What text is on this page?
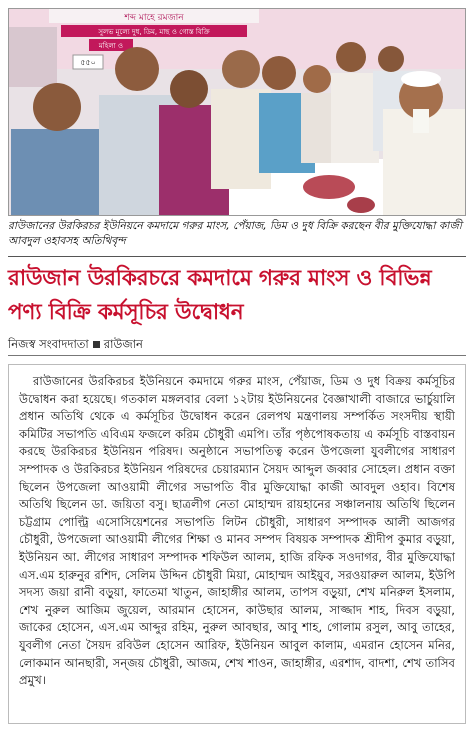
শব্দ মাহে রমজান
সুলভ মূল্যে দুধ, ডিম, মাছ ও গোস্ত বিক্রি
মহিলা ও
৫৫০
রাউজানের উরকিরচর ইউনিয়নে কমদামে গরুর মাংস, পেঁয়াজ, ডিম ও দুধ বিক্রি করছেন বীর মুক্তিযোদ্ধা কাজী আবদুল ওহাবসহ অতিথিবৃন্দ
রাউজান উরকিরচরে কমদামে গরুর মাংস ও বিভিন্ন পণ্য বিক্রি কর্মসূচির উদ্বোধন
নিজস্ব সংবাদদাতা রাউজান
রাউজানের উরকিরচর ইউনিয়নে কমদামে গরুর মাংস, পেঁয়াজ, ডিম ও দুধ বিক্রয় কর্মসূচির উদ্বোধন করা হয়েছে। গতকাল মঙ্গলবার বেলা ১২টায় ইউনিয়নের বৈজ্ঞাখালী বাজারে ভার্চুয়ালি প্রধান অতিথি থেকে এ কর্মসূচির উদ্বোধন করেন রেলপথ মন্ত্রণালয় সম্পর্কিত সংসদীয় স্থায়ী কমিটির সভাপতি এবিএম ফজলে করিম চৌধুরী এমপি। তাঁর পৃষ্ঠপোষকতায় এ কর্মসূচি বাস্তবায়ন করছে উরকিরচর ইউনিয়ন পরিষদ। অনুষ্ঠানে সভাপতিত্ব করেন উপজেলা যুবলীগের সাধারণ সম্পাদক ও উরকিরচর ইউনিয়ন পরিষদের চেয়ারম্যান সৈয়দ আব্দুল জব্বার সোহেল। প্রধান বক্তা ছিলেন উপজেলা আওয়ামী লীগের সভাপতি বীর মুক্তিযোদ্ধা কাজী আবদুল ওহাব। বিশেষ অতিথি ছিলেন ডা. জয়িতা বসু। ছাত্রলীগ নেতা মোহাম্মদ রায়হানের সঞ্চালনায় অতিথি ছিলেন চট্টগ্রাম পোল্ট্রি এসোসিয়েশনের সভাপতি লিটন চৌধুরী, সাধারণ সম্পাদক আলী আজগর চৌধুরী, উপজেলা আওয়ামী লীগের শিক্ষা ও মানব সম্পদ বিষয়ক সম্পাদক শ্রীদীপ কুমার বড়ুয়া, ইউনিয়ন আ. লীগের সাধারণ সম্পাদক শফিউল আলম, হাজি রফিক সওদাগর, বীর মুক্তিযোদ্ধা এস.এম হারুনুর রশিদ, সেলিম উদ্দিন চৌধুরী মিয়া, মোহাম্মদ আইয়ুব, সরওয়ারুল আলম, ইউপি সদস্য জয়া রানী বড়ুয়া, ফাতেমা খাতুন, জাহাঙ্গীর আলম, তাপস বড়ুয়া, শেখ মনিরুল ইসলাম, শেখ নুরুল আজিম জুয়েল, আরমান হোসেন, কাউছার আলম, সাজ্জাদ শাহ, দিবস বড়ুয়া, জাকের হোসেন, এস.এম আব্দুর রহিম, নুরুল আবছার, আবু শাহ, গোলাম রসুল, আবু তাহের, যুবলীগ নেতা সৈয়দ রবিউল হোসেন আরিফ, ইউনিয়ন আবুল কালাম, এমরান হোসেন মনির, লোকমান আনছারী, সন্জয় চৌধুরী, আজম, শেখ শাওন, জাহাঙ্গীর, এরশাদ, বাদশা, শেখ তাসিব প্রমুখ।
